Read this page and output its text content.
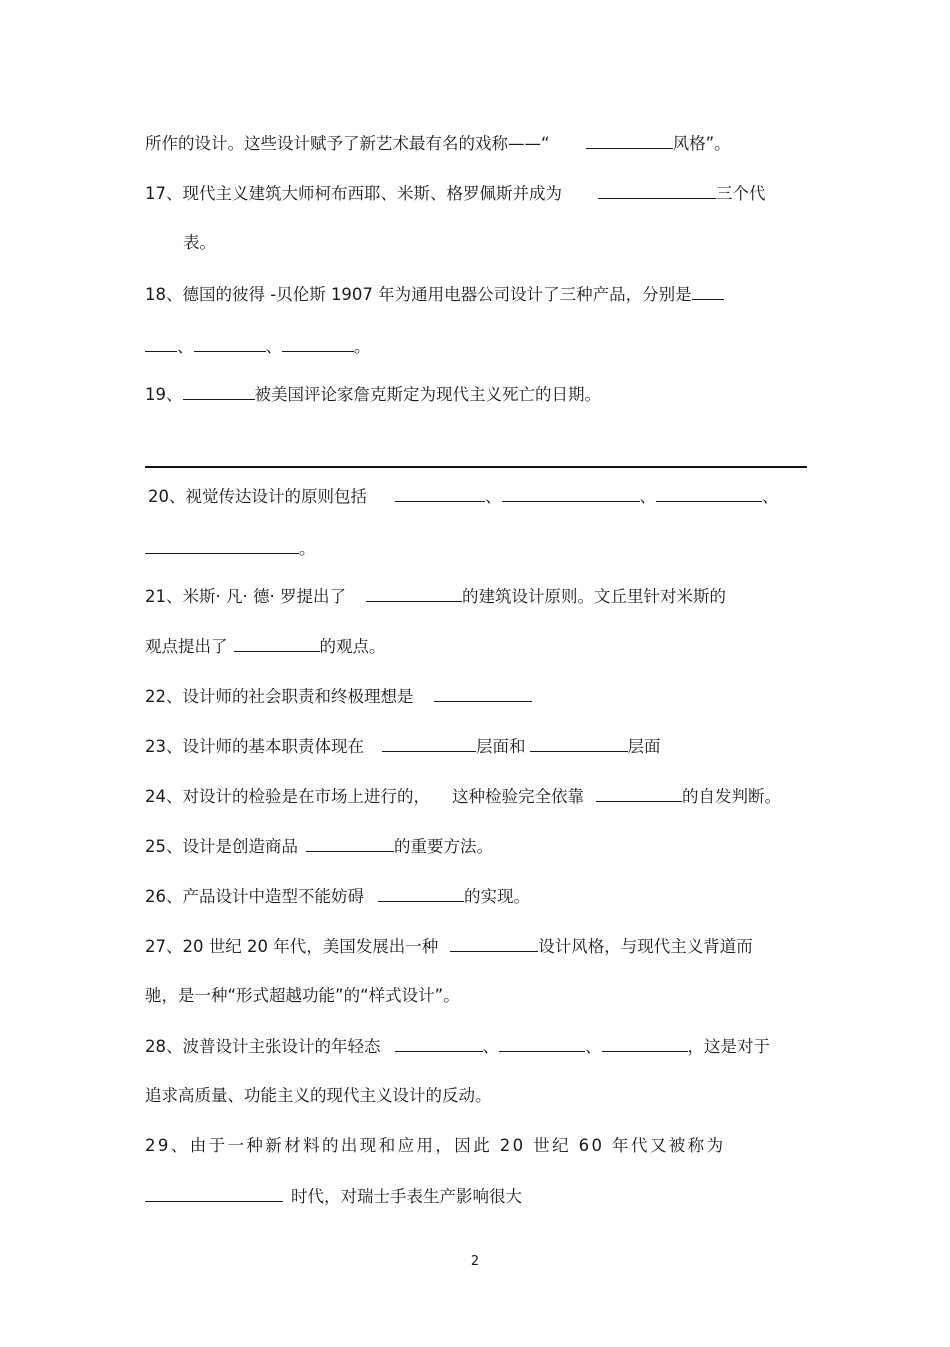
所作的设计。这些设计赋予了新艺术最有名的戏称——“	风格”。
17、现代主义建筑大师柯布西耶、米斯、格罗佩斯并成为	三个代
表。
18、德国的彼得 -贝伦斯 1907 年为通用电器公司设计了三种产品，分别是
、	、	。
19、	被美国评论家詹克斯定为现代主义死亡的日期。
20、视觉传达设计的原则包括	、	、	、
。
21、米斯· 凡· 德· 罗提出了	的建筑设计原则。文丘里针对米斯的
观点提出了	的观点。
22、设计师的社会职责和终极理想是
23、设计师的基本职责体现在	层面和	层面
24、对设计的检验是在市场上进行的， 这种检验完全依靠	的自发判断。
25、设计是创造商品	的重要方法。
26、产品设计中造型不能妨碍	的实现。
27、20 世纪 20 年代，美国发展出一种	设计风格，与现代主义背道而
驰，是一种“形式超越功能”的“样式设计”。
28、波普设计主张设计的年轻态	、	、	，这是对于
追求高质量、功能主义的现代主义设计的反动。
29、由于一种新材料的出现和应用，因此 20 世纪 60 年代又被称为
时代，对瑞士手表生产影响很大
2
